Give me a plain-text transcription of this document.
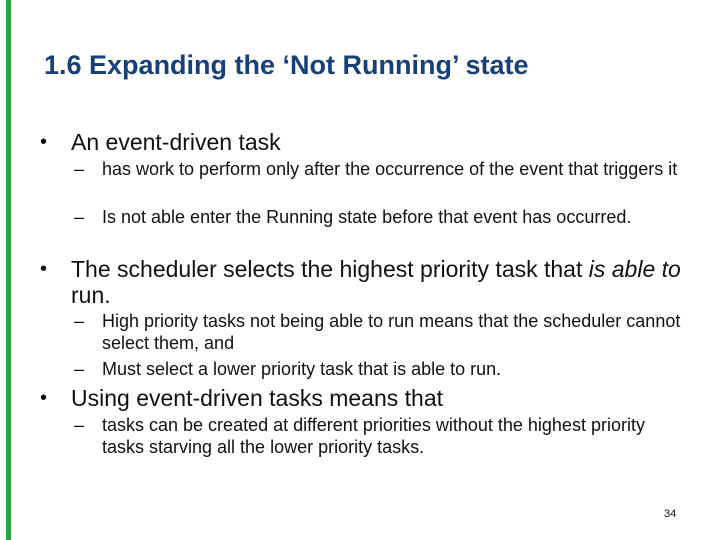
1.6 Expanding the ‘Not Running’ state
• An event-driven task
– has work to perform only after the occurrence of the event that triggers it
– Is not able enter the Running state before that event has occurred.
• The scheduler selects the highest priority task that is able to run.
– High priority tasks not being able to run means that the scheduler cannot select them, and
– Must select a lower priority task that is able to run.
• Using event-driven tasks means that
– tasks can be created at different priorities without the highest priority tasks starving all the lower priority tasks.
34
